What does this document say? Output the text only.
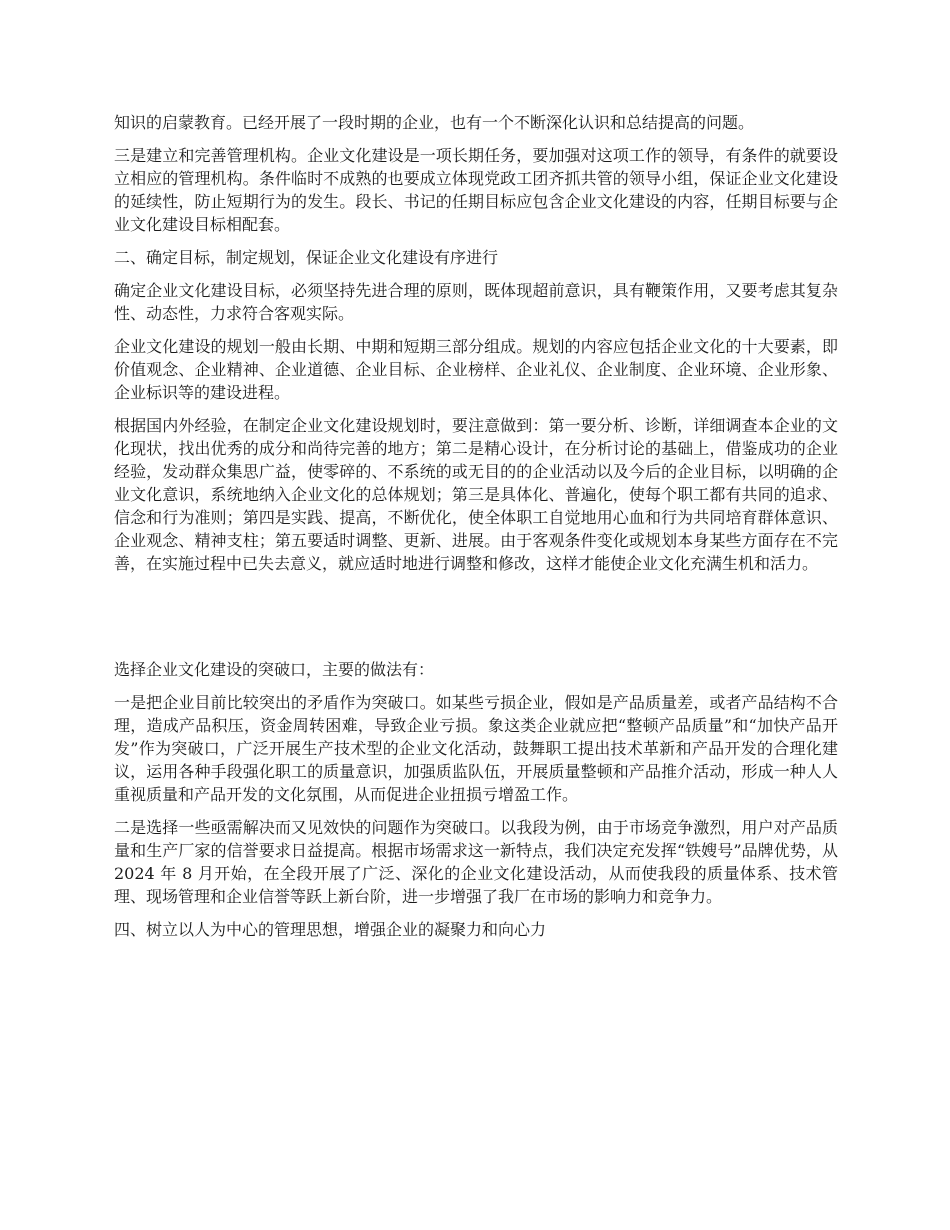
知识的启蒙教育。已经开展了一段时期的企业，也有一个不断深化认识和总结提高的问题。

三是建立和完善管理机构。企业文化建设是一项长期任务，要加强对这项工作的领导，有条件的就要设立相应的管理机构。条件临时不成熟的也要成立体现党政工团齐抓共管的领导小组，保证企业文化建设的延续性，防止短期行为的发生。段长、书记的任期目标应包含企业文化建设的内容，任期目标要与企业文化建设目标相配套。

二、确定目标，制定规划，保证企业文化建设有序进行

确定企业文化建设目标，必须坚持先进合理的原则，既体现超前意识，具有鞭策作用，又要考虑其复杂性、动态性，力求符合客观实际。

企业文化建设的规划一般由长期、中期和短期三部分组成。规划的内容应包括企业文化的十大要素，即价值观念、企业精神、企业道德、企业目标、企业榜样、企业礼仪、企业制度、企业环境、企业形象、企业标识等的建设进程。

根据国内外经验，在制定企业文化建设规划时，要注意做到：第一要分析、诊断，详细调查本企业的文化现状，找出优秀的成分和尚待完善的地方；第二是精心设计，在分析讨论的基础上，借鉴成功的企业经验，发动群众集思广益，使零碎的、不系统的或无目的的企业活动以及今后的企业目标，以明确的企业文化意识，系统地纳入企业文化的总体规划；第三是具体化、普遍化，使每个职工都有共同的追求、信念和行为准则；第四是实践、提高，不断优化，使全体职工自觉地用心血和行为共同培育群体意识、企业观念、精神支柱；第五要适时调整、更新、进展。由于客观条件变化或规划本身某些方面存在不完善，在实施过程中已失去意义，就应适时地进行调整和修改，这样才能使企业文化充满生机和活力。

选择企业文化建设的突破口，主要的做法有：

一是把企业目前比较突出的矛盾作为突破口。如某些亏损企业，假如是产品质量差，或者产品结构不合理，造成产品积压，资金周转困难，导致企业亏损。象这类企业就应把“整顿产品质量”和“加快产品开发”作为突破口，广泛开展生产技术型的企业文化活动，鼓舞职工提出技术革新和产品开发的合理化建议，运用各种手段强化职工的质量意识，加强质监队伍，开展质量整顿和产品推介活动，形成一种人人重视质量和产品开发的文化氛围，从而促进企业扭损亏增盈工作。

二是选择一些亟需解决而又见效快的问题作为突破口。以我段为例，由于市场竞争激烈，用户对产品质量和生产厂家的信誉要求日益提高。根据市场需求这一新特点，我们决定充发挥“铁嫂号”品牌优势，从 2024 年 8 月开始，在全段开展了广泛、深化的企业文化建设活动，从而使我段的质量体系、技术管理、现场管理和企业信誉等跃上新台阶，进一步增强了我厂在市场的影响力和竞争力。

四、树立以人为中心的管理思想，增强企业的凝聚力和向心力
